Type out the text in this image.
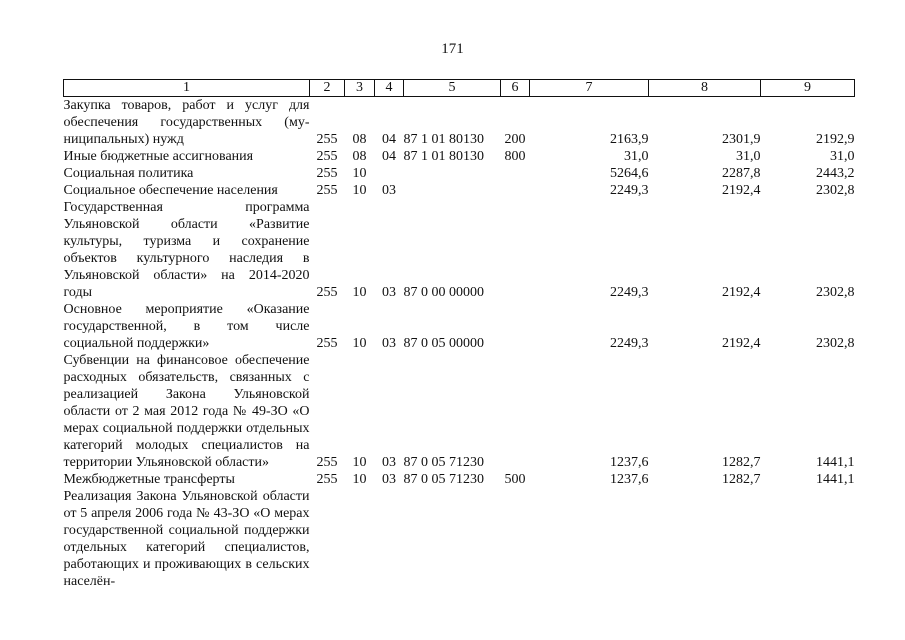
171
1	2	3	4	5	6	7	8	9
Закупка товаров, работ и услуг для обеспечения государственных (му-ниципальных) нужд	255	08	04	87 1 01 80130	200	2163,9	2301,9	2192,9
Иные бюджетные ассигнования	255	08	04	87 1 01 80130	800	31,0	31,0	31,0
Социальная политика	255	10				5264,6	2287,8	2443,2
Социальное обеспечение населения	255	10	03			2249,3	2192,4	2302,8
Государственная программа Ульяновской области «Развитие культуры, туризма и сохранение объектов культурного наследия в Ульяновской области» на 2014-2020 годы	255	10	03	87 0 00 00000		2249,3	2192,4	2302,8
Основное мероприятие «Оказание государственной, в том числе социальной поддержки»	255	10	03	87 0 05 00000		2249,3	2192,4	2302,8
Субвенции на финансовое обеспечение расходных обязательств, связанных с реализацией Закона Ульяновской области от 2 мая 2012 года № 49-ЗО «О мерах социальной поддержки отдельных категорий молодых специалистов на территории Ульяновской области»	255	10	03	87 0 05 71230		1237,6	1282,7	1441,1
Межбюджетные трансферты	255	10	03	87 0 05 71230	500	1237,6	1282,7	1441,1
Реализация Закона Ульяновской области от 5 апреля 2006 года № 43-ЗО «О мерах государственной социальной поддержки отдельных категорий специалистов, работающих и проживающих в сельских населён-								
